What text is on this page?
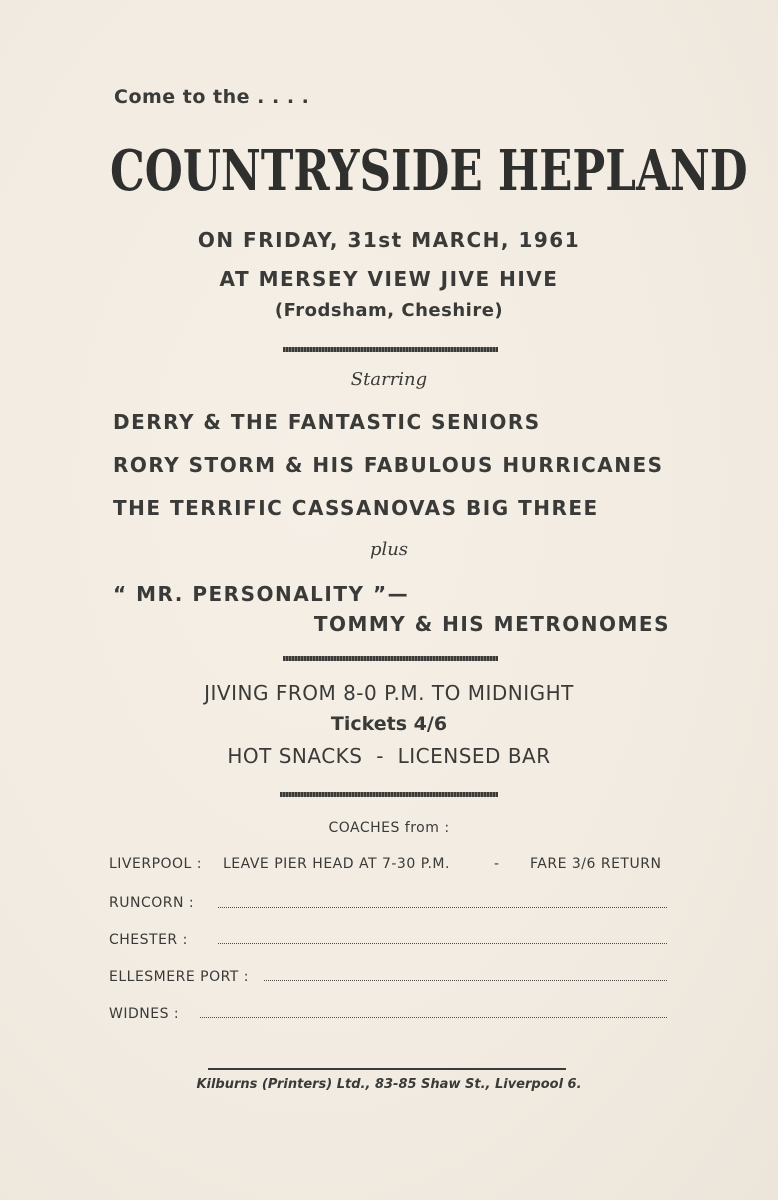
Come to the . . . .
COUNTRYSIDE HEPLAND
ON FRIDAY, 31st MARCH, 1961
AT MERSEY VIEW JIVE HIVE
(Frodsham, Cheshire)
Starring
DERRY & THE FANTASTIC SENIORS
RORY STORM & HIS FABULOUS HURRICANES
THE TERRIFIC CASSANOVAS BIG THREE
plus
“ MR. PERSONALITY ”—
TOMMY & HIS METRONOMES
JIVING FROM 8-0 P.M. TO MIDNIGHT
Tickets 4/6
HOT SNACKS  -  LICENSED BAR
COACHES from :
LIVERPOOL : LEAVE PIER HEAD AT 7-30 P.M.	- FARE 3/6 RETURN
RUNCORN :
CHESTER :
ELLESMERE PORT :
WIDNES :
Kilburns (Printers) Ltd., 83-85 Shaw St., Liverpool 6.
